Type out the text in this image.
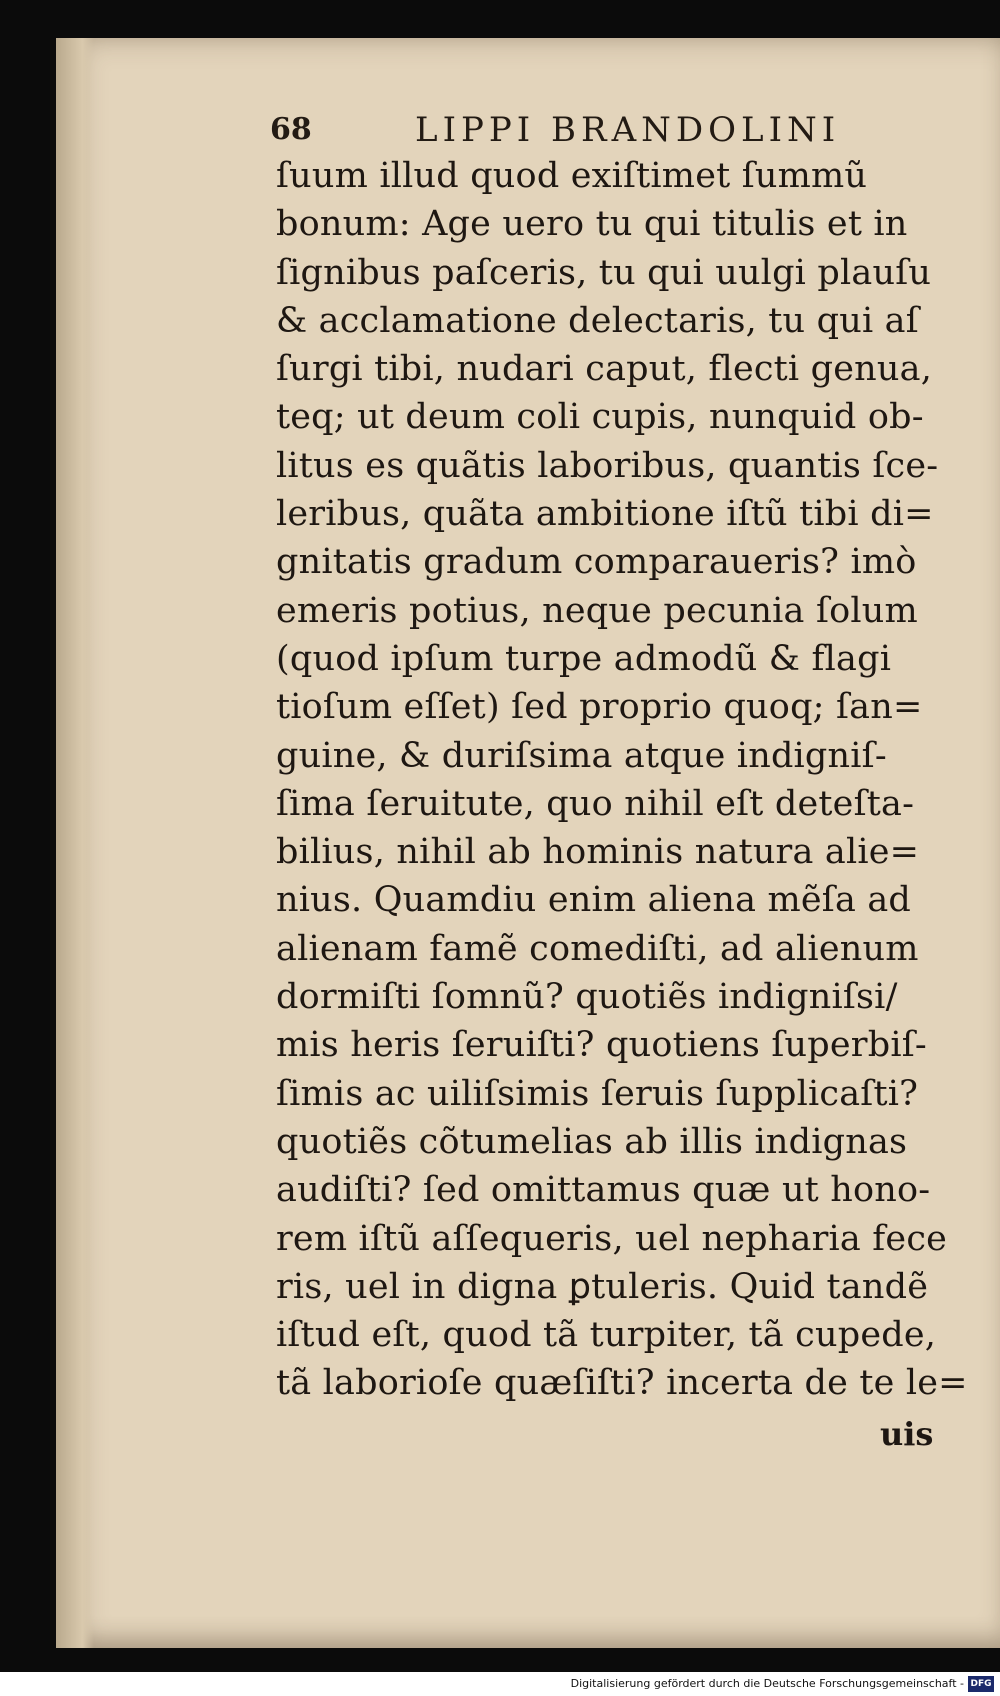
68	LIPPI BRANDOLINI
ſuum illud quod exiſtimet ſummũ
bonum: Age uero tu qui titulis et in
ſignibus paſceris, tu qui uulgi plauſu
& acclamatione delectaris, tu qui aſ
ſurgi tibi, nudari caput, flecti genua,
teq; ut deum coli cupis, nunquid ob-
litus es quãtis laboribus, quantis ſce-
leribus, quãta ambitione iſtũ tibi di=
gnitatis gradum comparaueris? imò
emeris potius, neque pecunia ſolum
(quod ipſum turpe admodũ & flagi
tioſum eſſet) ſed proprio quoq; ſan=
guine, & duriſsima atque indigniſ-
ſima ſeruitute, quo nihil eſt deteſta-
bilius, nihil ab hominis natura alie=
nius. Quamdiu enim aliena mẽſa ad
alienam famẽ comediſti, ad alienum
dormiſti ſomnũ? quotiẽs indigniſsi/
mis heris ſeruiſti? quotiens ſuperbiſ-
ſimis ac uiliſsimis ſeruis ſupplicaſti?
quotiẽs cõtumelias ab illis indignas
audiſti? ſed omittamus quæ ut hono-
rem iſtũ aſſequeris, uel nepharia fece
ris, uel in digna ꝑtuleris. Quid tandẽ
iſtud eſt, quod tã turpiter, tã cupede,
tã laborioſe quæſiſti? incerta de te le=
uis
Digitalisierung gefördert durch die Deutsche Forschungsgemeinschaft - DFG
